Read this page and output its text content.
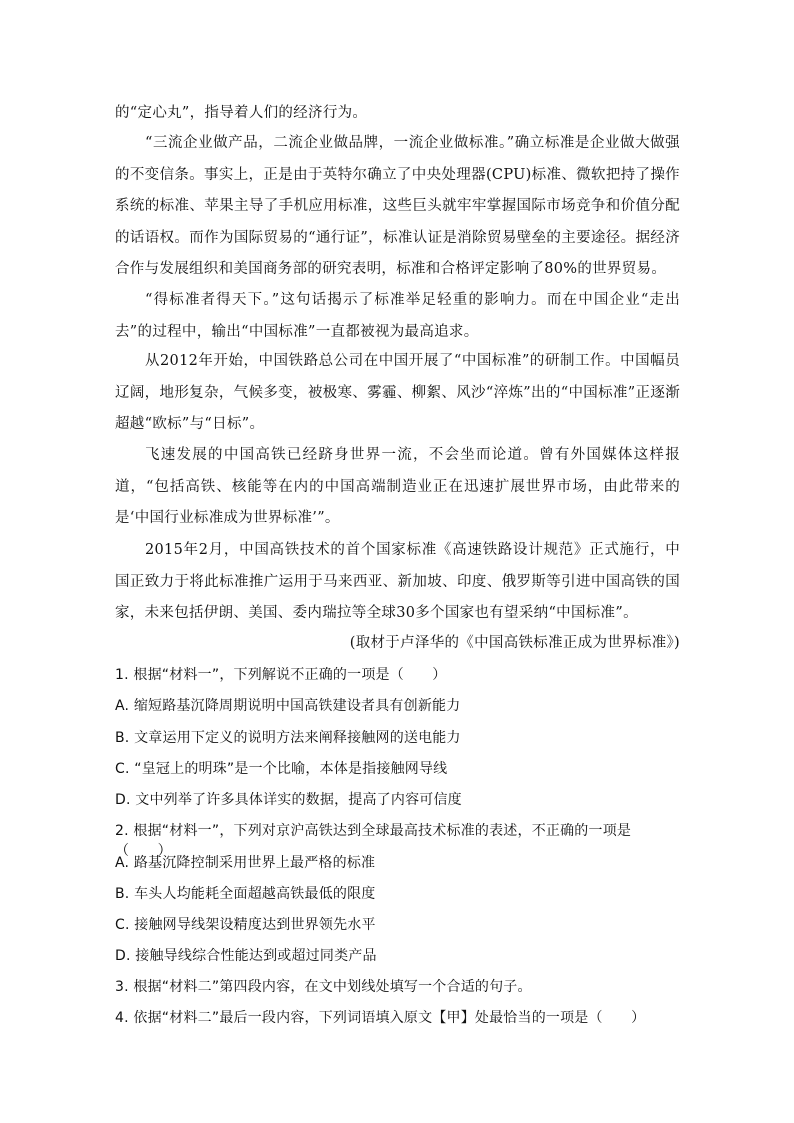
的“定心丸”，指导着人们的经济行为。
“三流企业做产品，二流企业做品牌，一流企业做标准。”确立标准是企业做大做强的不变信条。事实上，正是由于英特尔确立了中央处理器(CPU)标准、微软把持了操作系统的标准、苹果主导了手机应用标准，这些巨头就牢牢掌握国际市场竞争和价值分配的话语权。而作为国际贸易的“通行证”，标准认证是消除贸易壁垒的主要途径。据经济合作与发展组织和美国商务部的研究表明，标准和合格评定影响了80%的世界贸易。
“得标准者得天下。”这句话揭示了标准举足轻重的影响力。而在中国企业“走出去”的过程中，输出“中国标准”一直都被视为最高追求。
从2012年开始，中国铁路总公司在中国开展了“中国标准”的研制工作。中国幅员辽阔，地形复杂，气候多变，被极寒、雾霾、柳絮、风沙“淬炼”出的“中国标准”正逐渐超越“欧标”与“日标”。
飞速发展的中国高铁已经跻身世界一流，不会坐而论道。曾有外国媒体这样报道，“包括高铁、核能等在内的中国高端制造业正在迅速扩展世界市场，由此带来的是‘中国行业标准成为世界标准’”。
2015年2月，中国高铁技术的首个国家标准《高速铁路设计规范》正式施行，中国正致力于将此标准推广运用于马来西亚、新加坡、印度、俄罗斯等引进中国高铁的国家，未来包括伊朗、美国、委内瑞拉等全球30多个国家也有望采纳“中国标准”。
(取材于卢泽华的《中国高铁标准正成为世界标准》)
1. 根据“材料一”，下列解说不正确的一项是（　　）
A. 缩短路基沉降周期说明中国高铁建设者具有创新能力
B. 文章运用下定义的说明方法来阐释接触网的送电能力
C. “皇冠上的明珠”是一个比喻，本体是指接触网导线
D. 文中列举了许多具体详实的数据，提高了内容可信度
2. 根据“材料一”，下列对京沪高铁达到全球最高技术标准的表述，不正确的一项是（　　）
A. 路基沉降控制采用世界上最严格的标准
B. 车头人均能耗全面超越高铁最低的限度
C. 接触网导线架设精度达到世界领先水平
D. 接触导线综合性能达到或超过同类产品
3. 根据“材料二”第四段内容，在文中划线处填写一个合适的句子。
4. 依据“材料二”最后一段内容，下列词语填入原文【甲】处最恰当的一项是（　　）
